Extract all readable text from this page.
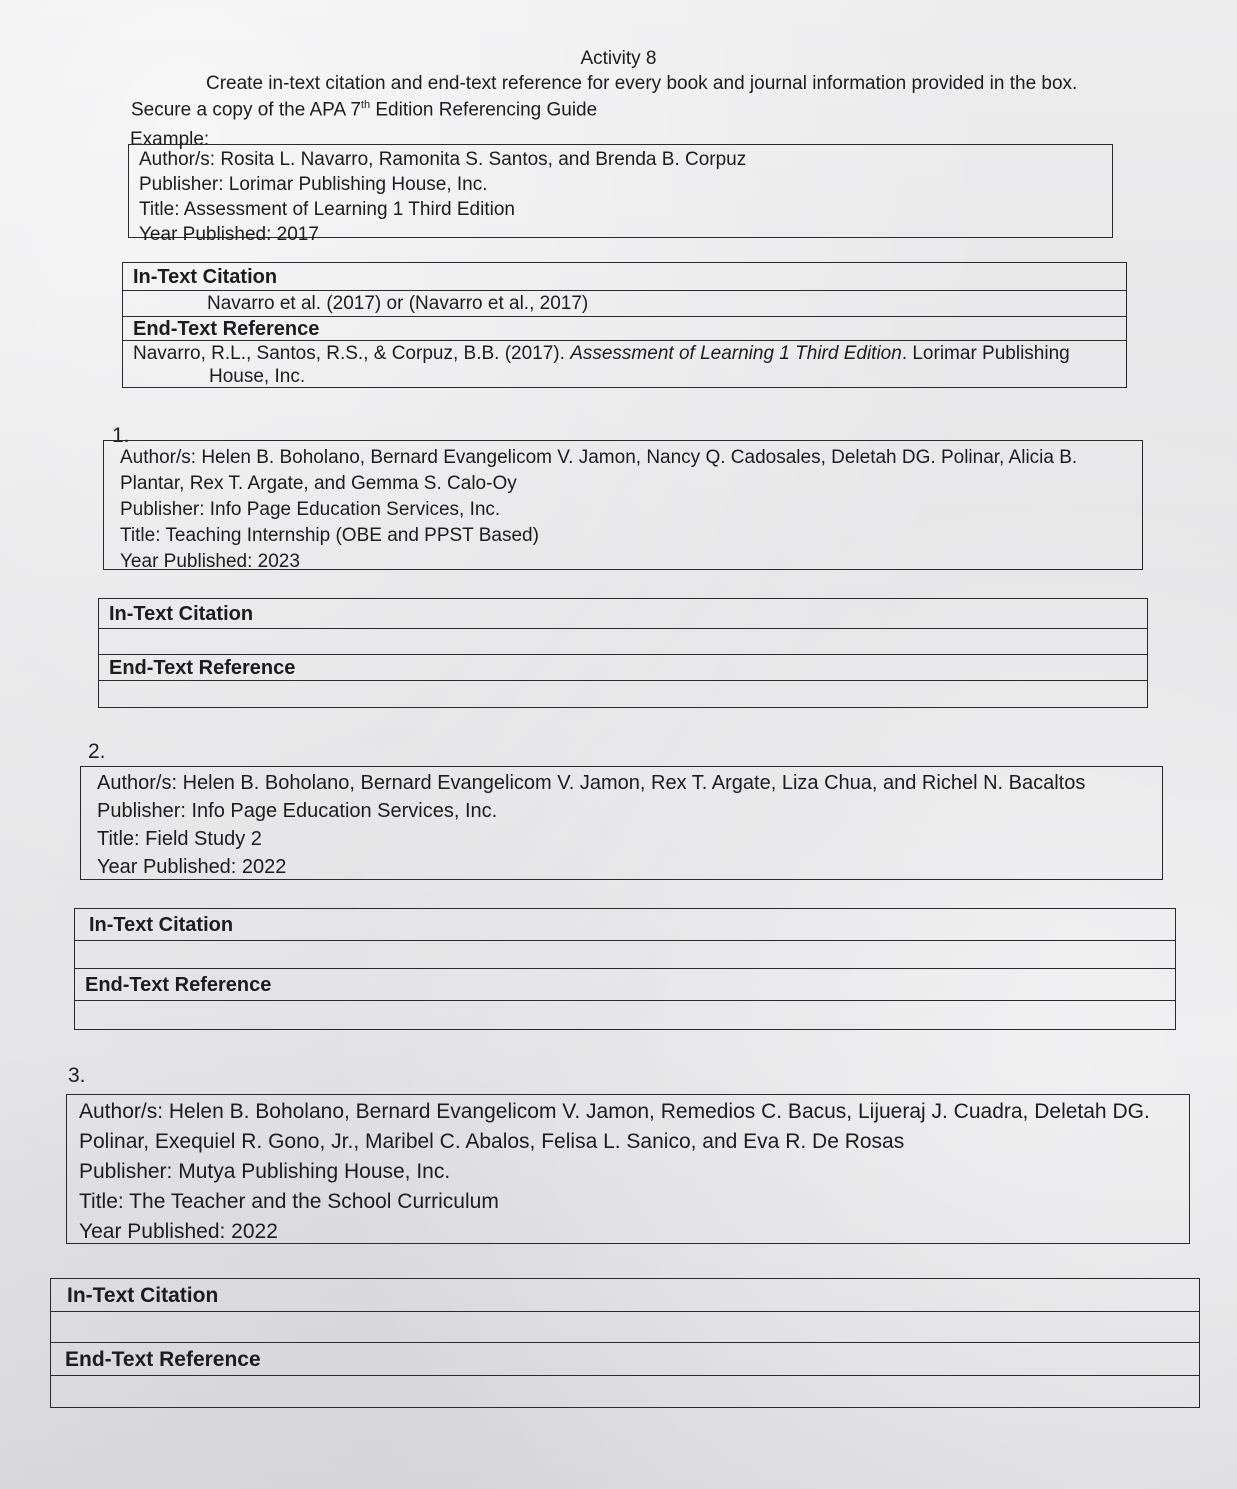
Activity 8
Create in-text citation and end-text reference for every book and journal information provided in the box.
Secure a copy of the APA 7th Edition Referencing Guide
Example:
Author/s: Rosita L. Navarro, Ramonita S. Santos, and Brenda B. Corpuz
Publisher: Lorimar Publishing House, Inc.
Title: Assessment of Learning 1 Third Edition
Year Published: 2017
In-Text Citation
Navarro et al. (2017) or (Navarro et al., 2017)
End-Text Reference
Navarro, R.L., Santos, R.S., & Corpuz, B.B. (2017). Assessment of Learning 1 Third Edition. Lorimar Publishing
House, Inc.
1.
Author/s: Helen B. Boholano, Bernard Evangelicom V. Jamon, Nancy Q. Cadosales, Deletah DG. Polinar, Alicia B.
Plantar, Rex T. Argate, and Gemma S. Calo-Oy
Publisher: Info Page Education Services, Inc.
Title: Teaching Internship (OBE and PPST Based)
Year Published: 2023
In-Text Citation
End-Text Reference
2.
Author/s: Helen B. Boholano, Bernard Evangelicom V. Jamon, Rex T. Argate, Liza Chua, and Richel N. Bacaltos
Publisher: Info Page Education Services, Inc.
Title: Field Study 2
Year Published: 2022
In-Text Citation
End-Text Reference
3.
Author/s: Helen B. Boholano, Bernard Evangelicom V. Jamon, Remedios C. Bacus, Lijueraj J. Cuadra, Deletah DG.
Polinar, Exequiel R. Gono, Jr., Maribel C. Abalos, Felisa L. Sanico, and Eva R. De Rosas
Publisher: Mutya Publishing House, Inc.
Title: The Teacher and the School Curriculum
Year Published: 2022
In-Text Citation
End-Text Reference
